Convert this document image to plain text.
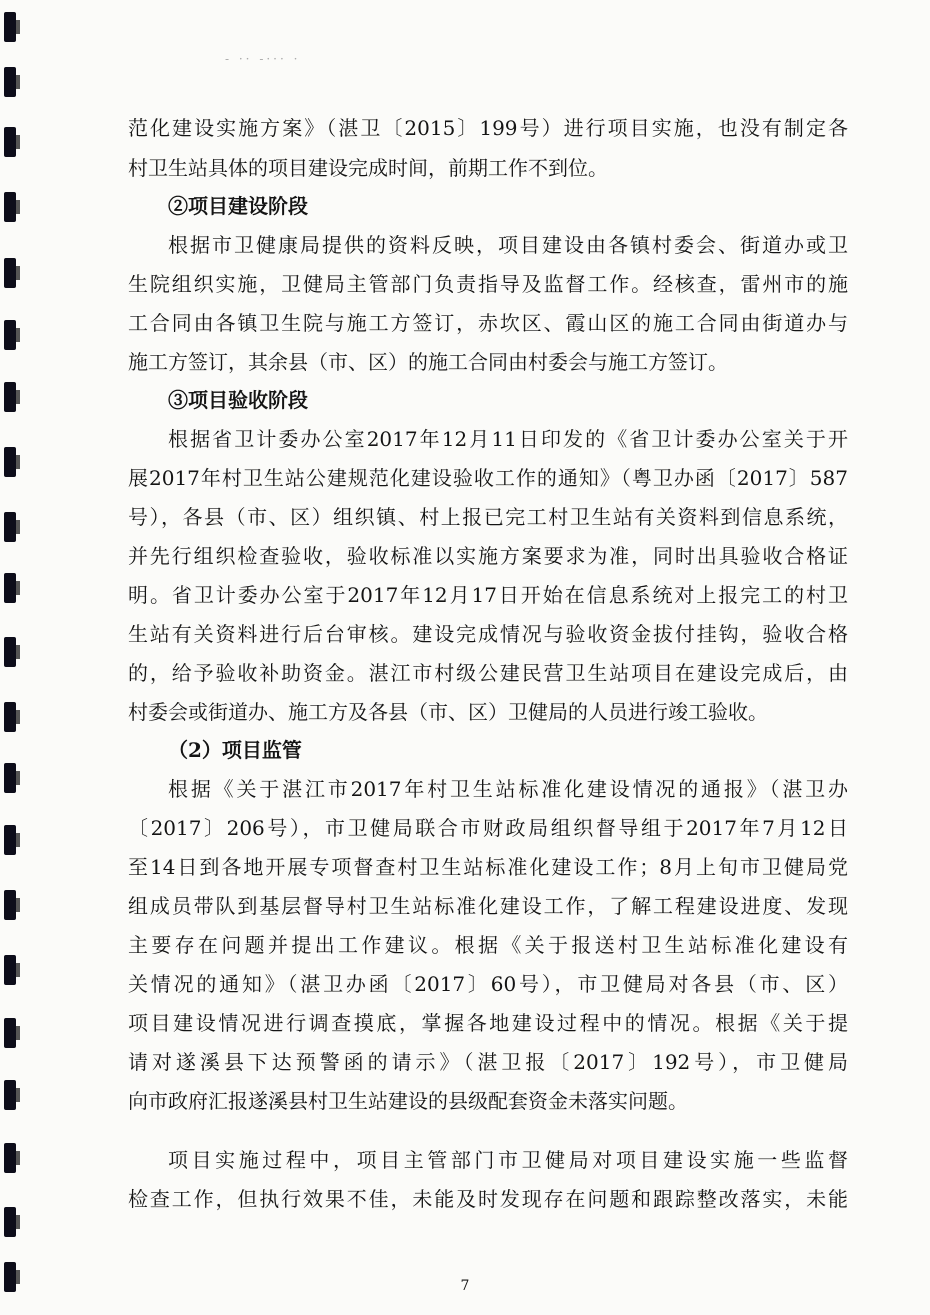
- ·· -··· ·
范化建设实施方案》（湛卫〔2015〕199号）进行项目实施，也没有制定各
村卫生站具体的项目建设完成时间，前期工作不到位。
②项目建设阶段
根据市卫健康局提供的资料反映，项目建设由各镇村委会、街道办或卫
生院组织实施，卫健局主管部门负责指导及监督工作。经核查，雷州市的施
工合同由各镇卫生院与施工方签订，赤坎区、霞山区的施工合同由街道办与
施工方签订，其余县（市、区）的施工合同由村委会与施工方签订。
③项目验收阶段
根据省卫计委办公室2017年12月11日印发的《省卫计委办公室关于开
展2017年村卫生站公建规范化建设验收工作的通知》（粤卫办函〔2017〕587
号），各县（市、区）组织镇、村上报已完工村卫生站有关资料到信息系统，
并先行组织检查验收，验收标准以实施方案要求为准，同时出具验收合格证
明。省卫计委办公室于2017年12月17日开始在信息系统对上报完工的村卫
生站有关资料进行后台审核。建设完成情况与验收资金拔付挂钩，验收合格
的，给予验收补助资金。湛江市村级公建民营卫生站项目在建设完成后，由
村委会或街道办、施工方及各县（市、区）卫健局的人员进行竣工验收。
（2）项目监管
根据《关于湛江市2017年村卫生站标准化建设情况的通报》（湛卫办
〔2017〕206号），市卫健局联合市财政局组织督导组于2017年7月12日
至14日到各地开展专项督查村卫生站标准化建设工作；8月上旬市卫健局党
组成员带队到基层督导村卫生站标准化建设工作，了解工程建设进度、发现
主要存在问题并提出工作建议。根据《关于报送村卫生站标准化建设有
关情况的通知》（湛卫办函〔2017〕60号），市卫健局对各县（市、区）
项目建设情况进行调查摸底，掌握各地建设过程中的情况。根据《关于提
请对遂溪县下达预警函的请示》（湛卫报〔2017〕192号），市卫健局
向市政府汇报遂溪县村卫生站建设的县级配套资金未落实问题。
项目实施过程中，项目主管部门市卫健局对项目建设实施一些监督
检查工作，但执行效果不佳，未能及时发现存在问题和跟踪整改落实，未能
7
